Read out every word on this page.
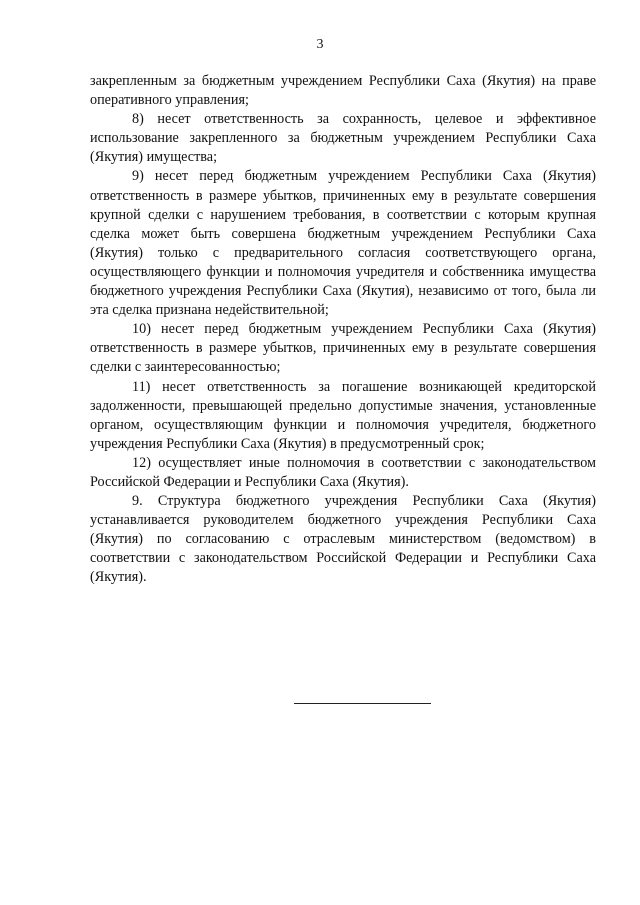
3

закрепленным за бюджетным учреждением Республики Саха (Якутия) на праве оперативного управления;

8) несет ответственность за сохранность, целевое и эффективное использование закрепленного за бюджетным учреждением Республики Саха (Якутия) имущества;

9) несет перед бюджетным учреждением Республики Саха (Якутия) ответственность в размере убытков, причиненных ему в результате совершения крупной сделки с нарушением требования, в соответствии с которым крупная сделка может быть совершена бюджетным учреждением Республики Саха (Якутия) только с предварительного согласия соответствующего органа, осуществляющего функции и полномочия учредителя и собственника имущества бюджетного учреждения Республики Саха (Якутия), независимо от того, была ли эта сделка признана недействительной;

10) несет перед бюджетным учреждением Республики Саха (Якутия) ответственность в размере убытков, причиненных ему в результате совершения сделки с заинтересованностью;

11) несет ответственность за погашение возникающей кредиторской задолженности, превышающей предельно допустимые значения, установленные органом, осуществляющим функции и полномочия учредителя, бюджетного учреждения Республики Саха (Якутия) в предусмотренный срок;

12) осуществляет иные полномочия в соответствии с законодательством Российской Федерации и Республики Саха (Якутия).

9. Структура бюджетного учреждения Республики Саха (Якутия) устанавливается руководителем бюджетного учреждения Республики Саха (Якутия) по согласованию с отраслевым министерством (ведомством) в соответствии с законодательством Российской Федерации и Республики Саха (Якутия).
